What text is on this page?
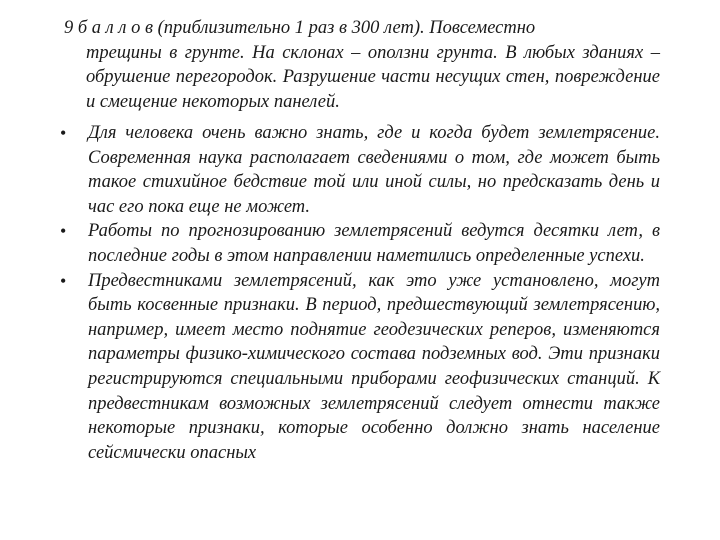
9 б а л л о в (приблизительно 1 раз в 300 лет). Повсеместно
трещины в грунте. На склонах – оползни грунта. В любых зданиях – обрушение перегородок. Разрушение части несущих стен, повреждение и смещение некоторых панелей.

•	Для человека очень важно знать, где и когда будет землетрясение. Современная наука располагает сведениями о том, где может быть такое стихийное бедствие той или иной силы, но предсказать день и час его пока еще не может.
•	Работы по прогнозированию землетрясений ведутся десятки лет, в последние годы в этом направлении наметились определенные успехи.
•	Предвестниками землетрясений, как это уже установлено, могут быть косвенные признаки. В период, предшествующий землетрясению, например, имеет место поднятие геодезических реперов, изменяются параметры физико-химического состава подземных вод. Эти признаки регистрируются специальными приборами геофизических станций. К предвестникам возможных землетрясений следует отнести также некоторые признаки, которые особенно должно знать население сейсмически опасных
